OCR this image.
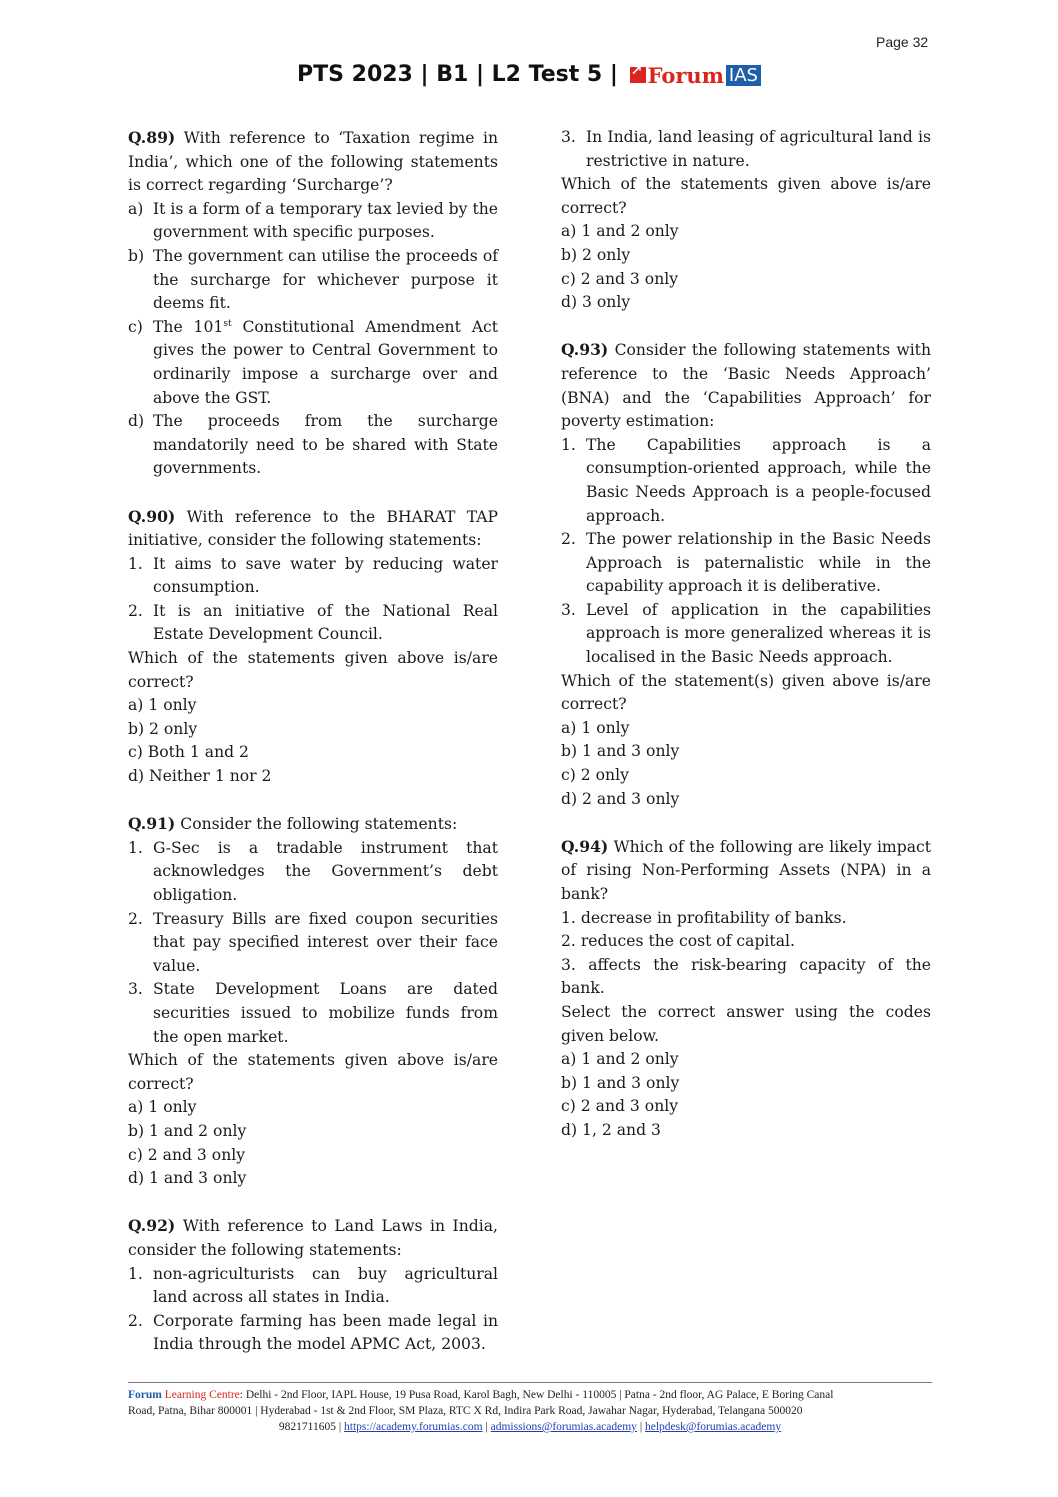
Page 32
PTS 2023 | B1 | L2 Test 5 |
↗ Forum IAS

Q.89) With reference to ‘Taxation regime in India’, which one of the following statements is correct regarding ‘Surcharge’?

a) It is a form of a temporary tax levied by the government with specific purposes.
b) The government can utilise the proceeds of the surcharge for whichever purpose it deems fit.
c) The 101st Constitutional Amendment Act gives the power to Central Government to ordinarily impose a surcharge over and above the GST.
d) The proceeds from the surcharge mandatorily need to be shared with State governments.

Q.90) With reference to the BHARAT TAP initiative, consider the following statements:

1. It aims to save water by reducing water consumption.
2. It is an initiative of the National Real Estate Development Council.

Which of the statements given above is/are correct?

a) 1 only
b) 2 only
c) Both 1 and 2
d) Neither 1 nor 2

Q.91) Consider the following statements:

1. G-Sec is a tradable instrument that acknowledges the Government’s debt obligation.
2. Treasury Bills are fixed coupon securities that pay specified interest over their face value.
3. State Development Loans are dated securities issued to mobilize funds from the open market.

Which of the statements given above is/are correct?

a) 1 only
b) 1 and 2 only
c) 2 and 3 only
d) 1 and 3 only

Q.92) With reference to Land Laws in India, consider the following statements:

1. non-agriculturists can buy agricultural land across all states in India.
2. Corporate farming has been made legal in India through the model APMC Act, 2003.
3. In India, land leasing of agricultural land is restrictive in nature.

Which of the statements given above is/are correct?

a) 1 and 2 only
b) 2 only
c) 2 and 3 only
d) 3 only

Q.93) Consider the following statements with reference to the ‘Basic Needs Approach’ (BNA) and the ‘Capabilities Approach’ for poverty estimation:

1. The Capabilities approach is a consumption-oriented approach, while the Basic Needs Approach is a people-focused approach.
2. The power relationship in the Basic Needs Approach is paternalistic while in the capability approach it is deliberative.
3. Level of application in the capabilities approach is more generalized whereas it is localised in the Basic Needs approach.

Which of the statement(s) given above is/are correct?

a) 1 only
b) 1 and 3 only
c) 2 only
d) 2 and 3 only

Q.94) Which of the following are likely impact of rising Non-Performing Assets (NPA) in a bank?

1. decrease in profitability of banks.

2. reduces the cost of capital.

3. affects the risk-bearing capacity of the bank.

Select the correct answer using the codes given below.

a) 1 and 2 only
b) 1 and 3 only
c) 2 and 3 only
d) 1, 2 and 3
Forum Learning Centre: Delhi - 2nd Floor, IAPL House, 19 Pusa Road, Karol Bagh, New Delhi - 110005 | Patna - 2nd floor, AG Palace, E Boring Canal
Road, Patna, Bihar 800001 | Hyderabad - 1st & 2nd Floor, SM Plaza, RTC X Rd, Indira Park Road, Jawahar Nagar, Hyderabad, Telangana 500020
9821711605 | https://academy.forumias.com | admissions@forumias.academy | helpdesk@forumias.academy
